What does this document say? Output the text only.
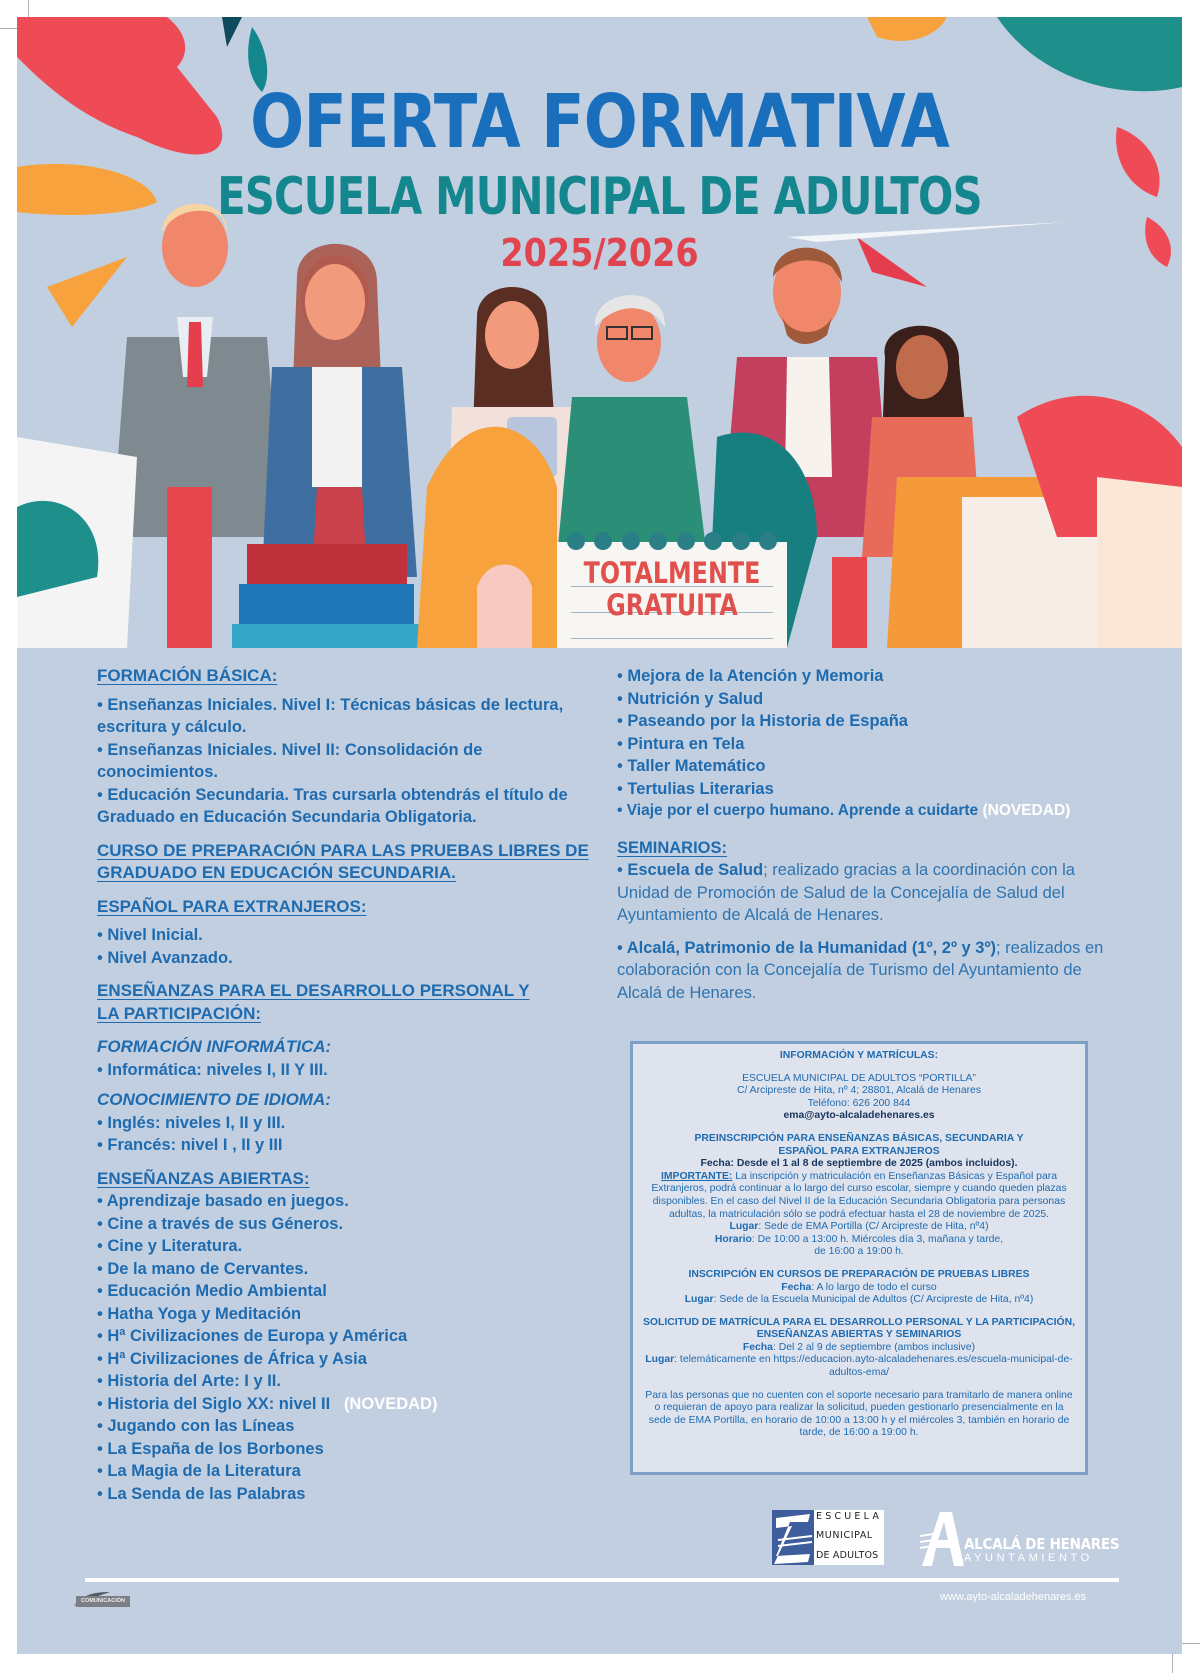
OFERTA FORMATIVA
ESCUELA MUNICIPAL DE ADULTOS
2025/2026
TOTALMENTE
GRATUITA

FORMACIÓN BÁSICA:

• Enseñanzas Iniciales. Nivel I: Técnicas básicas de lectura, escritura y cálculo.

• Enseñanzas Iniciales. Nivel II: Consolidación de conocimientos.

• Educación Secundaria. Tras cursarla obtendrás el título de Graduado en Educación Secundaria Obligatoria.

CURSO DE PREPARACIÓN PARA LAS PRUEBAS LIBRES DE

GRADUADO EN EDUCACIÓN SECUNDARIA.

ESPAÑOL PARA EXTRANJEROS:

• Nivel Inicial.

• Nivel Avanzado.

ENSEÑANZAS PARA EL DESARROLLO PERSONAL Y

LA PARTICIPACIÓN:

FORMACIÓN INFORMÁTICA:

• Informática: niveles I, II Y III.

CONOCIMIENTO DE IDIOMA:

• Inglés: niveles I, II y III.

• Francés: nivel I , II y III

ENSEÑANZAS ABIERTAS:

• Aprendizaje basado en juegos.

• Cine a través de sus Géneros.

• Cine y Literatura.

• De la mano de Cervantes.

• Educación Medio Ambiental

• Hatha Yoga y Meditación

• Hª Civilizaciones de Europa y América

• Hª Civilizaciones de África y Asia

• Historia del Arte: I y II.

• Historia del Siglo XX: nivel II (NOVEDAD)

• Jugando con las Líneas

• La España de los Borbones

• La Magia de la Literatura

• La Senda de las Palabras

• Mejora de la Atención y Memoria

• Nutrición y Salud

• Paseando por la Historia de España

• Pintura en Tela

• Taller Matemático

• Tertulias Literarias

• Viaje por el cuerpo humano. Aprende a cuidarte (NOVEDAD)

SEMINARIOS:

• Escuela de Salud; realizado gracias a la coordinación con la Unidad de Promoción de Salud de la Concejalía de Salud del Ayuntamiento de Alcalá de Henares.

• Alcalá, Patrimonio de la Humanidad (1º, 2º y 3º); realizados en colaboración con la Concejalía de Turismo del Ayuntamiento de Alcalá de Henares.

INFORMACIÓN Y MATRÍCULAS:

ESCUELA MUNICIPAL DE ADULTOS “PORTILLA”

C/ Arcipreste de Hita, nº 4; 28801, Alcalá de Henares

Teléfono: 626 200 844

ema@ayto-alcaladehenares.es

PREINSCRIPCIÓN PARA ENSEÑANZAS BÁSICAS, SECUNDARIA Y

ESPAÑOL PARA EXTRANJEROS

Fecha: Desde el 1 al 8 de septiembre de 2025 (ambos incluidos).

IMPORTANTE: La inscripción y matriculación en Enseñanzas Básicas y Español para Extranjeros, podrá continuar a lo largo del curso escolar, siempre y cuando queden plazas disponibles. En el caso del Nivel II de la Educación Secundaria Obligatoria para personas adultas, la matriculación sólo se podrá efectuar hasta el 28 de noviembre de 2025.

Lugar: Sede de EMA Portilla (C/ Arcipreste de Hita, nº4)

Horario: De 10:00 a 13:00 h. Miércoles día 3, mañana y tarde,

de 16:00 a 19:00 h.

INSCRIPCIÓN EN CURSOS DE PREPARACIÓN DE PRUEBAS LIBRES

Fecha: A lo largo de todo el curso

Lugar: Sede de la Escuela Municipal de Adultos (C/ Arcipreste de Hita, nº4)

SOLICITUD DE MATRÍCULA PARA EL DESARROLLO PERSONAL Y LA PARTICIPACIÓN,

ENSEÑANZAS ABIERTAS Y SEMINARIOS

Fecha: Del 2 al 9 de septiembre (ambos inclusive)

Lugar: telemáticamente en https://educacion.ayto-alcaladehenares.es/escuela-municipal-de-adultos-ema/

Para las personas que no cuenten con el soporte necesario para tramitarlo de manera online o requieran de apoyo para realizar la solicitud, pueden gestionarlo presencialmente en la sede de EMA Portilla, en horario de 10:00 a 13:00 h y el miércoles 3, también en horario de tarde, de 16:00 a 19:00 h.

ESCUELA
MUNICIPAL
DE ADULTOS
ALCALÁ DE HENARES
AYUNTAMIENTO
www.ayto-alcaladehenares.es
COMUNICACIÓN
